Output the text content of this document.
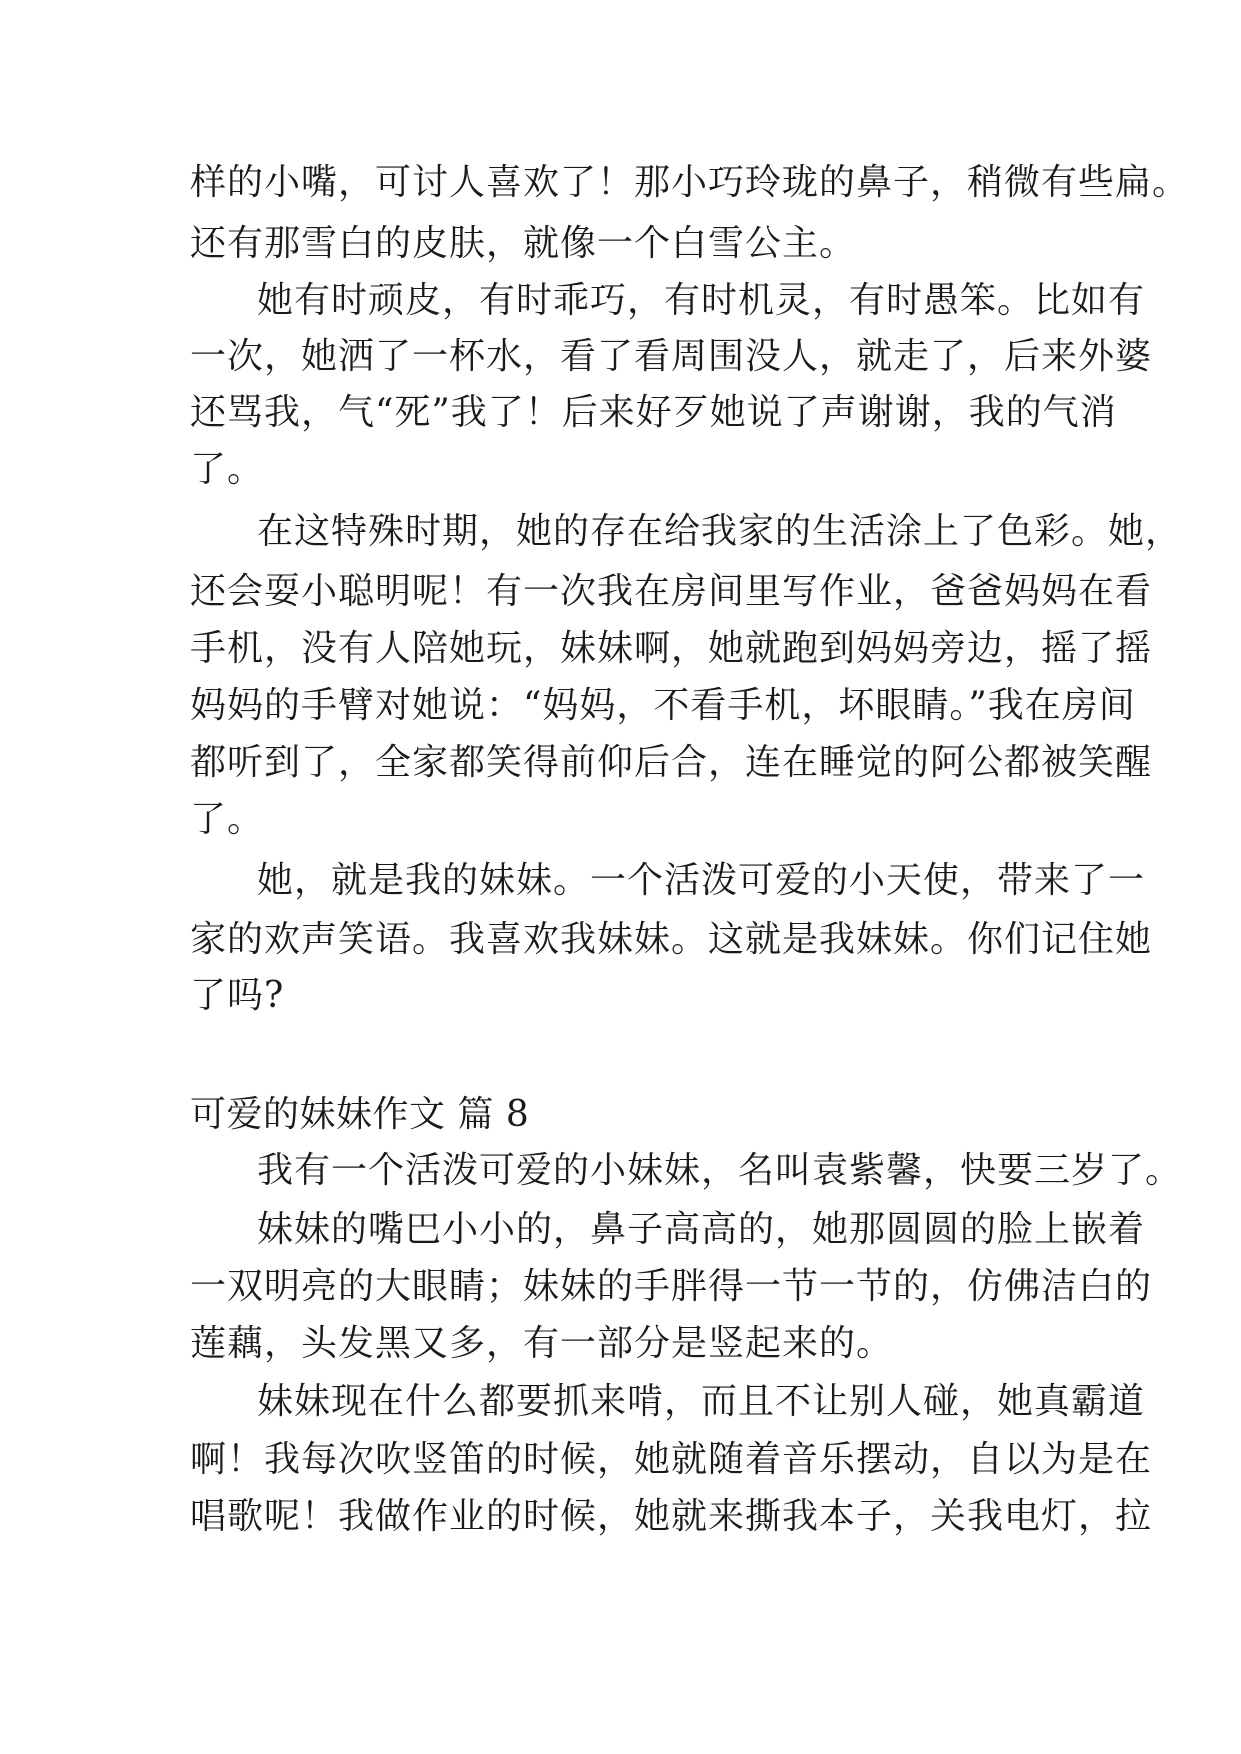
样的小嘴，可讨人喜欢了！那小巧玲珑的鼻子，稍微有些扁。
还有那雪白的皮肤，就像一个白雪公主。
她有时顽皮，有时乖巧，有时机灵，有时愚笨。比如有
一次，她洒了一杯水，看了看周围没人，就走了，后来外婆
还骂我，气“死”我了！后来好歹她说了声谢谢，我的气消
了。
在这特殊时期，她的存在给我家的生活涂上了色彩。她，
还会耍小聪明呢！有一次我在房间里写作业，爸爸妈妈在看
手机，没有人陪她玩，妹妹啊，她就跑到妈妈旁边，摇了摇
妈妈的手臂对她说：“妈妈，不看手机，坏眼睛。”我在房间
都听到了，全家都笑得前仰后合，连在睡觉的阿公都被笑醒
了。
她，就是我的妹妹。一个活泼可爱的小天使，带来了一
家的欢声笑语。我喜欢我妹妹。这就是我妹妹。你们记住她
了吗?
可爱的妹妹作文 篇 8
我有一个活泼可爱的小妹妹，名叫袁紫馨，快要三岁了。
妹妹的嘴巴小小的，鼻子高高的，她那圆圆的脸上嵌着
一双明亮的大眼睛；妹妹的手胖得一节一节的，仿佛洁白的
莲藕，头发黑又多，有一部分是竖起来的。
妹妹现在什么都要抓来啃，而且不让别人碰，她真霸道
啊！我每次吹竖笛的时候，她就随着音乐摆动，自以为是在
唱歌呢！我做作业的时候，她就来撕我本子，关我电灯，拉
